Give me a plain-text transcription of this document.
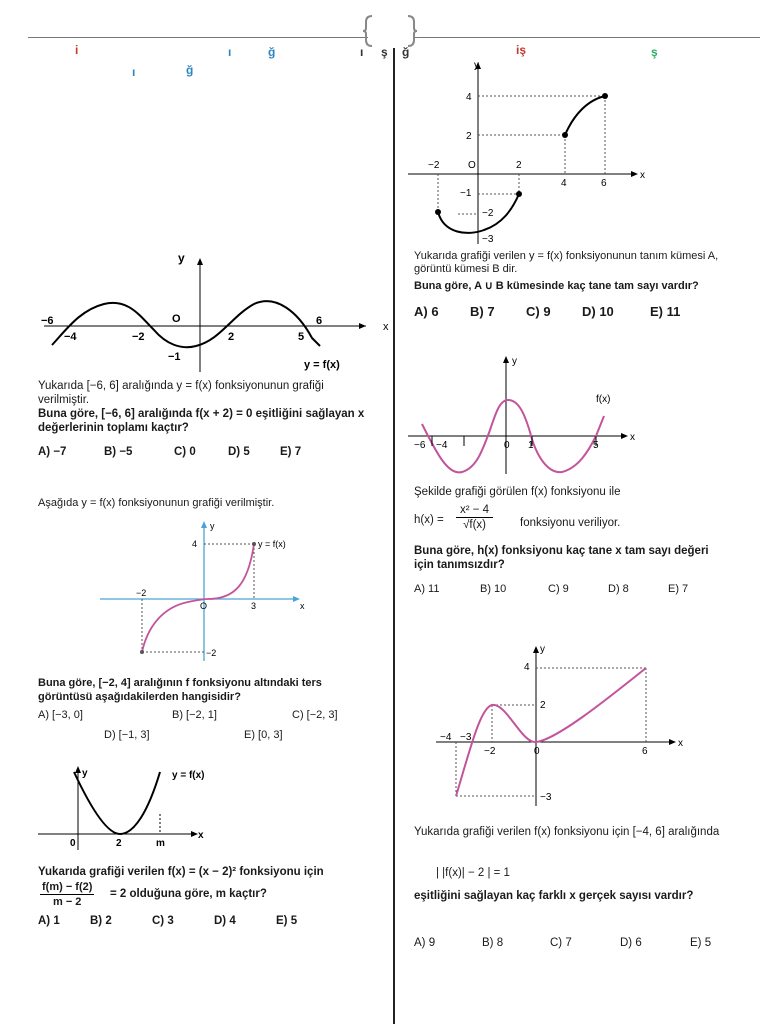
i	ı	ğ	ı ş ğ	iş	ş
ı	ğ
x
y
−6
−4	−2
O
2	5
6
−1
y = f(x)
Yukarıda [−6, 6] aralığında y = f(x) fonksiyonunun grafiği verilmiştir.
Buna göre, [−6, 6] aralığında f(x + 2) = 0 eşitliğini sağlayan x değerlerinin toplamı kaçtır?
A) −7	B) −5	C) 0	D) 5	E) 7
Aşağıda y = f(x) fonksiyonunun grafiği verilmiştir.
x
y
4
−2
O	3
−2
y = f(x)
Buna göre, [−2, 4] aralığının f fonksiyonu altındaki ters görüntüsü aşağıdakilerden hangisidir?
A) [−3, 0]	B) [−2, 1]	C) [−2, 3]
D) [−1, 3]	E) [0, 3]
x
y
0	2	m
y = f(x)
Yukarıda grafiği verilen f(x) = (x − 2)² fonksiyonu için
$\frac{f(m) - f(2)}{m - 2} = 2$ olduğuna göre, m kaçtır?
A) 1	B) 2	C) 3	D) 4	E) 5
x
y
4
2
−2	O	2
4	6
−1
−2
−3
Yukarıda grafiği verilen y = f(x) fonksiyonunun tanım kümesi A, görüntü kümesi B dir.
Buna göre, A ∪ B kümesinde kaç tane tam sayı vardır?
A) 6 B) 7 C) 9 D) 10	E) 11
x
y
−6 −4	0 1	5
f(x)
Şekilde grafiği görülen f(x) fonksiyonu ile
$h(x) = \frac{\text{x² − 4}}{√f(x)}$ fonksiyonu veriliyor.
Buna göre, h(x) fonksiyonu kaç tane x tam sayı değeri için tanımsızdır?
A) 11	B) 10	C) 9	D) 8	E) 7
x
y
4
2
−4 −3
−2	0	6
−3
Yukarıda grafiği verilen f(x) fonksiyonu için [−4, 6] aralığında
| |f(x)| − 2 | = 1
eşitliğini sağlayan kaç farklı x gerçek sayısı vardır?
A) 9	B) 8	C) 7	D) 6	E) 5
